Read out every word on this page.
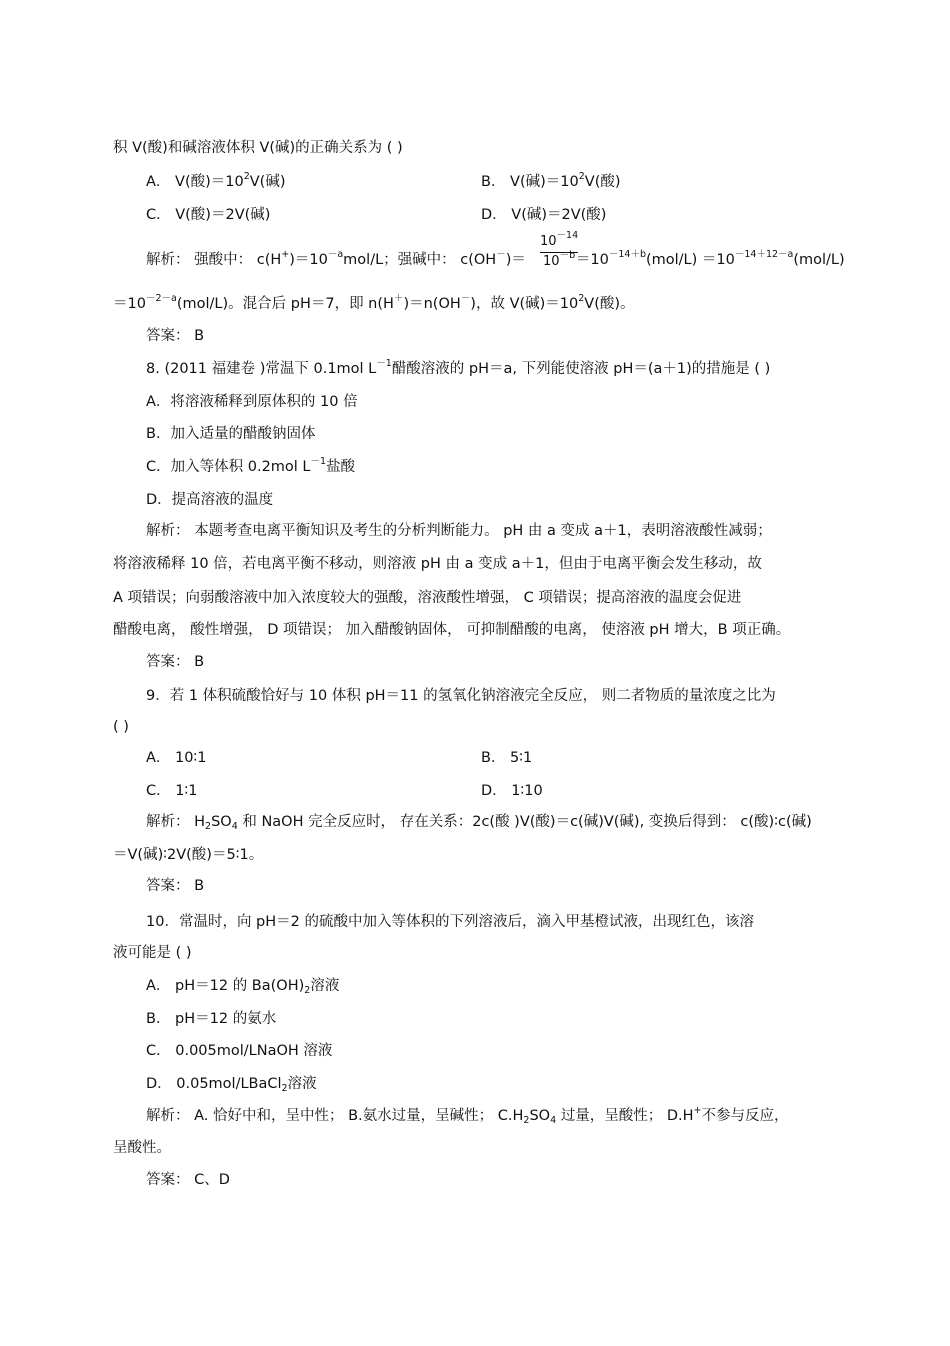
积 V(酸)和碱溶液体积 V(碱)的正确关系为 ( )
A． V(酸)$=10^2V$(碱)	B． V(碱)$=10^2V$(酸)
C． V(酸)＝2V(碱)	D． V(碱)＝2V(酸)
解析： 强酸中： $c(H^+)=10^{-a}mol/L$；强碱中： c(OH－)＝	$=10^{-14+b}(mol/L) =10^{-14+12-a}(mol/L)$
$10^{-14}$
$10^{-b}$
$=10^{-2-a}(mol/L)$。混合后 pH＝7，即 n(H＋)＝n(OH－)，故 V(碱)$=10^2V$(酸)。
答案： B
8. (2011 福建卷 )常温下 0.1mol $L^{-1}$醋酸溶液的 pH＝a, 下列能使溶液 pH＝(a＋1)的措施是 ( )
A．将溶液稀释到原体积的 10 倍
B．加入适量的醋酸钠固体
C．加入等体积 0.2mol $L^{-1}$盐酸
D．提高溶液的温度
解析： 本题考查电离平衡知识及考生的分析判断能力。 pH 由 a 变成 a＋1，表明溶液酸性减弱；
将溶液稀释 10 倍，若电离平衡不移动，则溶液 pH 由 a 变成 a＋1，但由于电离平衡会发生移动，故
A 项错误；向弱酸溶液中加入浓度较大的强酸，溶液酸性增强， C 项错误；提高溶液的温度会促进
醋酸电离， 酸性增强， D 项错误； 加入醋酸钠固体， 可抑制醋酸的电离， 使溶液 pH 增大，B 项正确。
答案： B
9．若 1 体积硫酸恰好与 10 体积 pH＝11 的氢氧化钠溶液完全反应， 则二者物质的量浓度之比为
( )
A． 10∶1	B． 5∶1
C． 1∶1	D． 1∶10
解析： $H_2SO_4$ 和 NaOH 完全反应时， 存在关系：2c(酸 )V(酸)＝c(碱)V(碱), 变换后得到： c(酸)∶c(碱)
＝V(碱)∶2V(酸)＝5∶1。
答案： B
10．常温时，向 pH＝2 的硫酸中加入等体积的下列溶液后，滴入甲基橙试液，出现红色，该溶
液可能是 ( )
A． pH＝12 的 $Ba(OH)_2$溶液
B． pH＝12 的氨水
C． 0.005mol/LNaOH 溶液
D． 0.05mol/LBaCl$_2$溶液
解析： A. 恰好中和，呈中性； B.氨水过量，呈碱性； $C.H_2SO_4$ 过量，呈酸性； D.H+不参与反应，
呈酸性。
答案： C、D
